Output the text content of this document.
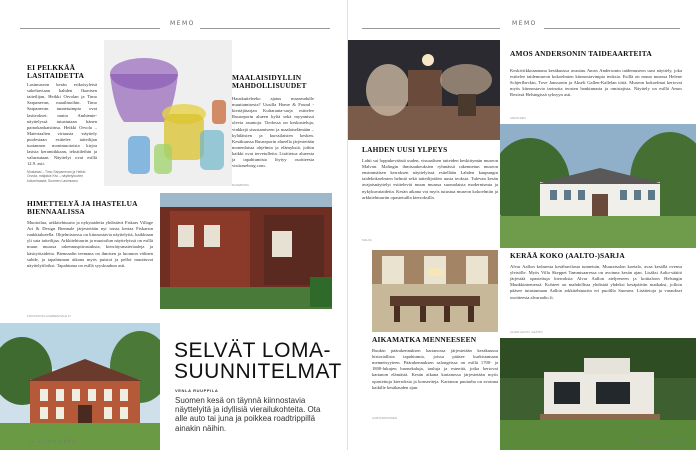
MEMO
EI PELKKÄÄ LASITAIDETTA
Lasimuseon kesän erikoisyleisä sukeltaviaan kahden Ikonisen taiteilijan, Heikki Orvolan ja Timo Sarpanevan, maailmoihin. Timo Sarpanevan tunnetuimpia ovat lasiteokset: mutta Ambiente-näyttelyssä tutustutaan hänen painokankaisiinsa. Heikki Orvola – Materiaalien virtausta -näyttely puolestaan esittelee taiteilijan tuotannon monimuotoista kirjoa lasista keramiikkaan, tekstiileihin ja valurautaan. Näyttelyt ovat esillä 12.9. asti.
Mustalasi – Timo Sarpanevan ja Heikki Orvola, maljakot Kivi – näyttelykuvien kokoelmasta; Suomen Lasimuseo
MAALAISIDYLLIN MAHDOLLISUUDET
Hauskutteleeko ajatus maaseudulle muuttamisesta? Uusilla Home & Found -kiertäjäsarjan Kultaranta-sarja esittelee Ruuseporin alueen kyliä sekä myynnissä olevia asuntoja. Tiedossa on keskusteluja, vinkkejä sisustamiseen ja maalaiselämään – kyläläisten ja kurssilaisten kesken. Kesäkuussa Ruuseporin alueella järjestetään monenlaisia ohjelmia ja elämyksiä, joihin kaikki ovat tervetulleita. Lisätietoa alueesta ja tapahtumista löytyy osoitteesta visitraseborg.com.
RASEBORG
HIMETTELYÄ JA IHASTELUA BIENNAALISSA
Muotoilua, arkkitehtuuria ja nykytaidetta yhdistävä Fiskars Village Art & Design Biennale järjestetään nyt toista kertaa Fiskarsin ruukkialueella. Ohjelmistossa on kiinnostavia näyttelyitä, kaikkiaan yli sata taiteilijaa. Arkkitehtuurin ja muotoilun näyttelyissä on esillä muun muassa rakennuspiirustuksia, kierrätysmateriaaleja ja käsityötaidetta. Biennaalin teemana on ihmisen ja luonnon välinen suhde, ja tapahtuman aikana myös puistot ja pellot muuttuvat näyttelytiloiksi. Tapahtuma on esillä syyskuuhun asti.
FISKARSVILLAGEBIENNALE.FI
SELVÄT LOMA-
SUUNNITELMAT
VENLA RUUPPILA
Suomen kesä on täynnä kiinnostavia näyttelyitä ja idyllisiä vierailukohteita. Ota alle auto tai juna ja poikkea roadtrippillä ainakin näihin.
72 GLORIA'S KOTI
MEMO
AMOS ANDERSONIN TAIDEAARTEITA
Keskiviikkoaamuna kesäkuussa avautuu Amos Andersonin taidemuseon uusi näyttely, joka esittelee taidemuseon kokoelmien kiinnostavimpia teoksia. Esillä on muun muassa Helene Schjerfbeckin, Tove Janssonin ja Akseli Gallen-Kallelan töitä. Museon kokoelmat kertovat myös kiinnostavia tarinoita teosten hankinnasta ja omistajista. Näyttely on esillä Amos Rexissä Helsingissä syksyyn asti.
AMOS REX
LAHDEN UUSI YLPEYS
Lahti sai loppukeväästä uuden, visuaalisen taiteiden keskittymän museon Malvan. Malingin ihmisaukeuksien ryhmässä rakennetun museon ensimmäisen kerroksen näyttelyissä esitellään Lahden kaupungin taidekokoelmien helmiä sekä taiteilijoiden uusia teoksia. Tulevan kesän avajaisnäyttelyt esittelevät muun muassa suomalaista modernismia ja nykykuvataidetta. Kesän aikana voi myös tutustua museon kokoelmiin ja arkkitehtuuriin opastetuilla kierroksilla.
MALVA
KERÄÄ KOKO (AALTO-)SARJA
Alvar Aallon kolmesta kesähuvilasta tunnetuin, Muuratsalon koetalo, avaa kesällä ovensa yleisölle. Myös Villa Skeppet Tammisaaressa on avoinna kesän ajan. Lisäksi Aalto-säätiö järjestää opastettuja kierroksia Alvar Aallon ateljeeseen ja kotitaloon Helsingin Munkkiniemessä. Kohteet on mahdollista yhdistää yhdeksi kesäpäivän matkaksi, jolloin pääsee tutustumaan Aallon arkkitehtuuriin eri puolilla Suomea. Lisätietoja ja varaukset osoitteesta alvaraalto.fi.
ALVAR AALTO -SÄÄTIÖ
AIKAMATKA MENNEESEEN
Ruukin päärakennuksen kartanossa järjestetään kesäkuussa historiallisia tapahtumia, joissa pääsee kurkistamaan menneisyyteen. Päärakennuksen salongeissa on esillä 1700- ja 1800-lukujen huonekaluja, tauluja ja esineitä, jotka kertovat kartanon elämästä. Kesän aikana kartanossa järjestetään myös opastettuja kierroksia ja konsertteja. Kartanon puutarha on avoinna kaikille kesäkauden ajan.
KARTANOMUSEO
GLORIA'S KOTI 73
